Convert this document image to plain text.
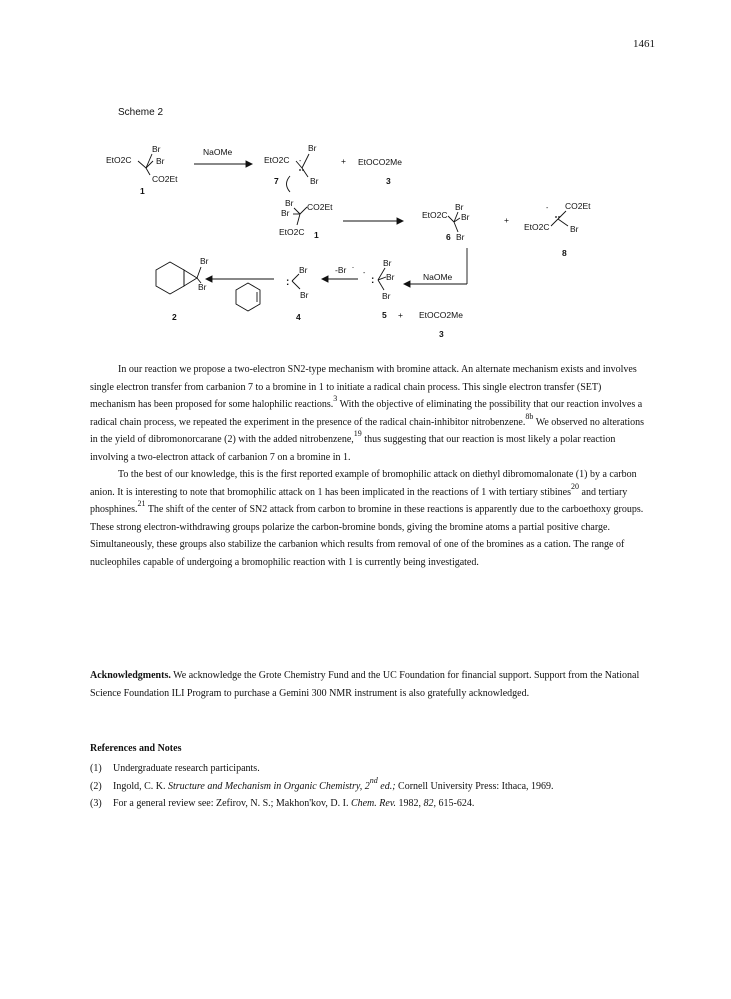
1461
Scheme 2
EtO2C
Br
Br
CO2Et
1
NaOMe
EtO2C
Br
Br
7
-	+ EtOCO2Me
3
Br
Br
CO2Et
EtO2C 1
EtO2C
Br
Br
Br
6
+
- CO2Et
EtO2C Br
8
Br
Br
2
Br
Br
:
4
-Br -
-
Br
Br
Br
:
5 + EtOCO2Me
3
NaOMe

In our reaction we propose a two-electron SN2-type mechanism with bromine attack. An alternate mechanism exists and involves single electron transfer from carbanion 7 to a bromine in 1 to initiate a radical chain process. This single electron transfer (SET) mechanism has been proposed for some halophilic reactions.$^3$ With the objective of eliminating the possibility that our reaction involves a radical chain process, we repeated the experiment in the presence of the radical chain-inhibitor nitrobenzene.$^{8b}$ We observed no alterations in the yield of dibromonorcarane (2) with the added nitrobenzene,$^{19}$ thus suggesting that our reaction is most likely a polar reaction involving a two-electron attack of carbanion 7 on a bromine in 1.

To the best of our knowledge, this is the first reported example of bromophilic attack on diethyl dibromomalonate (1) by a carbon anion. It is interesting to note that bromophilic attack on 1 has been implicated in the reactions of 1 with tertiary stibines$^{20}$ and tertiary phosphines.$^{21}$ The shift of the center of SN2 attack from carbon to bromine in these reactions is apparently due to the carboethoxy groups. These strong electron-withdrawing groups polarize the carbon-bromine bonds, giving the bromine atoms a partial positive charge. Simultaneously, these groups also stabilize the carbanion which results from removal of one of the bromines as a cation. The range of nucleophiles capable of undergoing a bromophilic reaction with 1 is currently being investigated.

Acknowledgments. We acknowledge the Grote Chemistry Fund and the UC Foundation for financial support. Support from the National Science Foundation ILI Program to purchase a Gemini 300 NMR instrument is also gratefully acknowledged.
References and Notes
(1) Undergraduate research participants.
(2) Ingold, C. K. Structure and Mechanism in Organic Chemistry, 2nd ed.; Cornell University Press: Ithaca, 1969.
(3) For a general review see: Zefirov, N. S.; Makhon'kov, D. I. Chem. Rev. 1982, 82, 615-624.
